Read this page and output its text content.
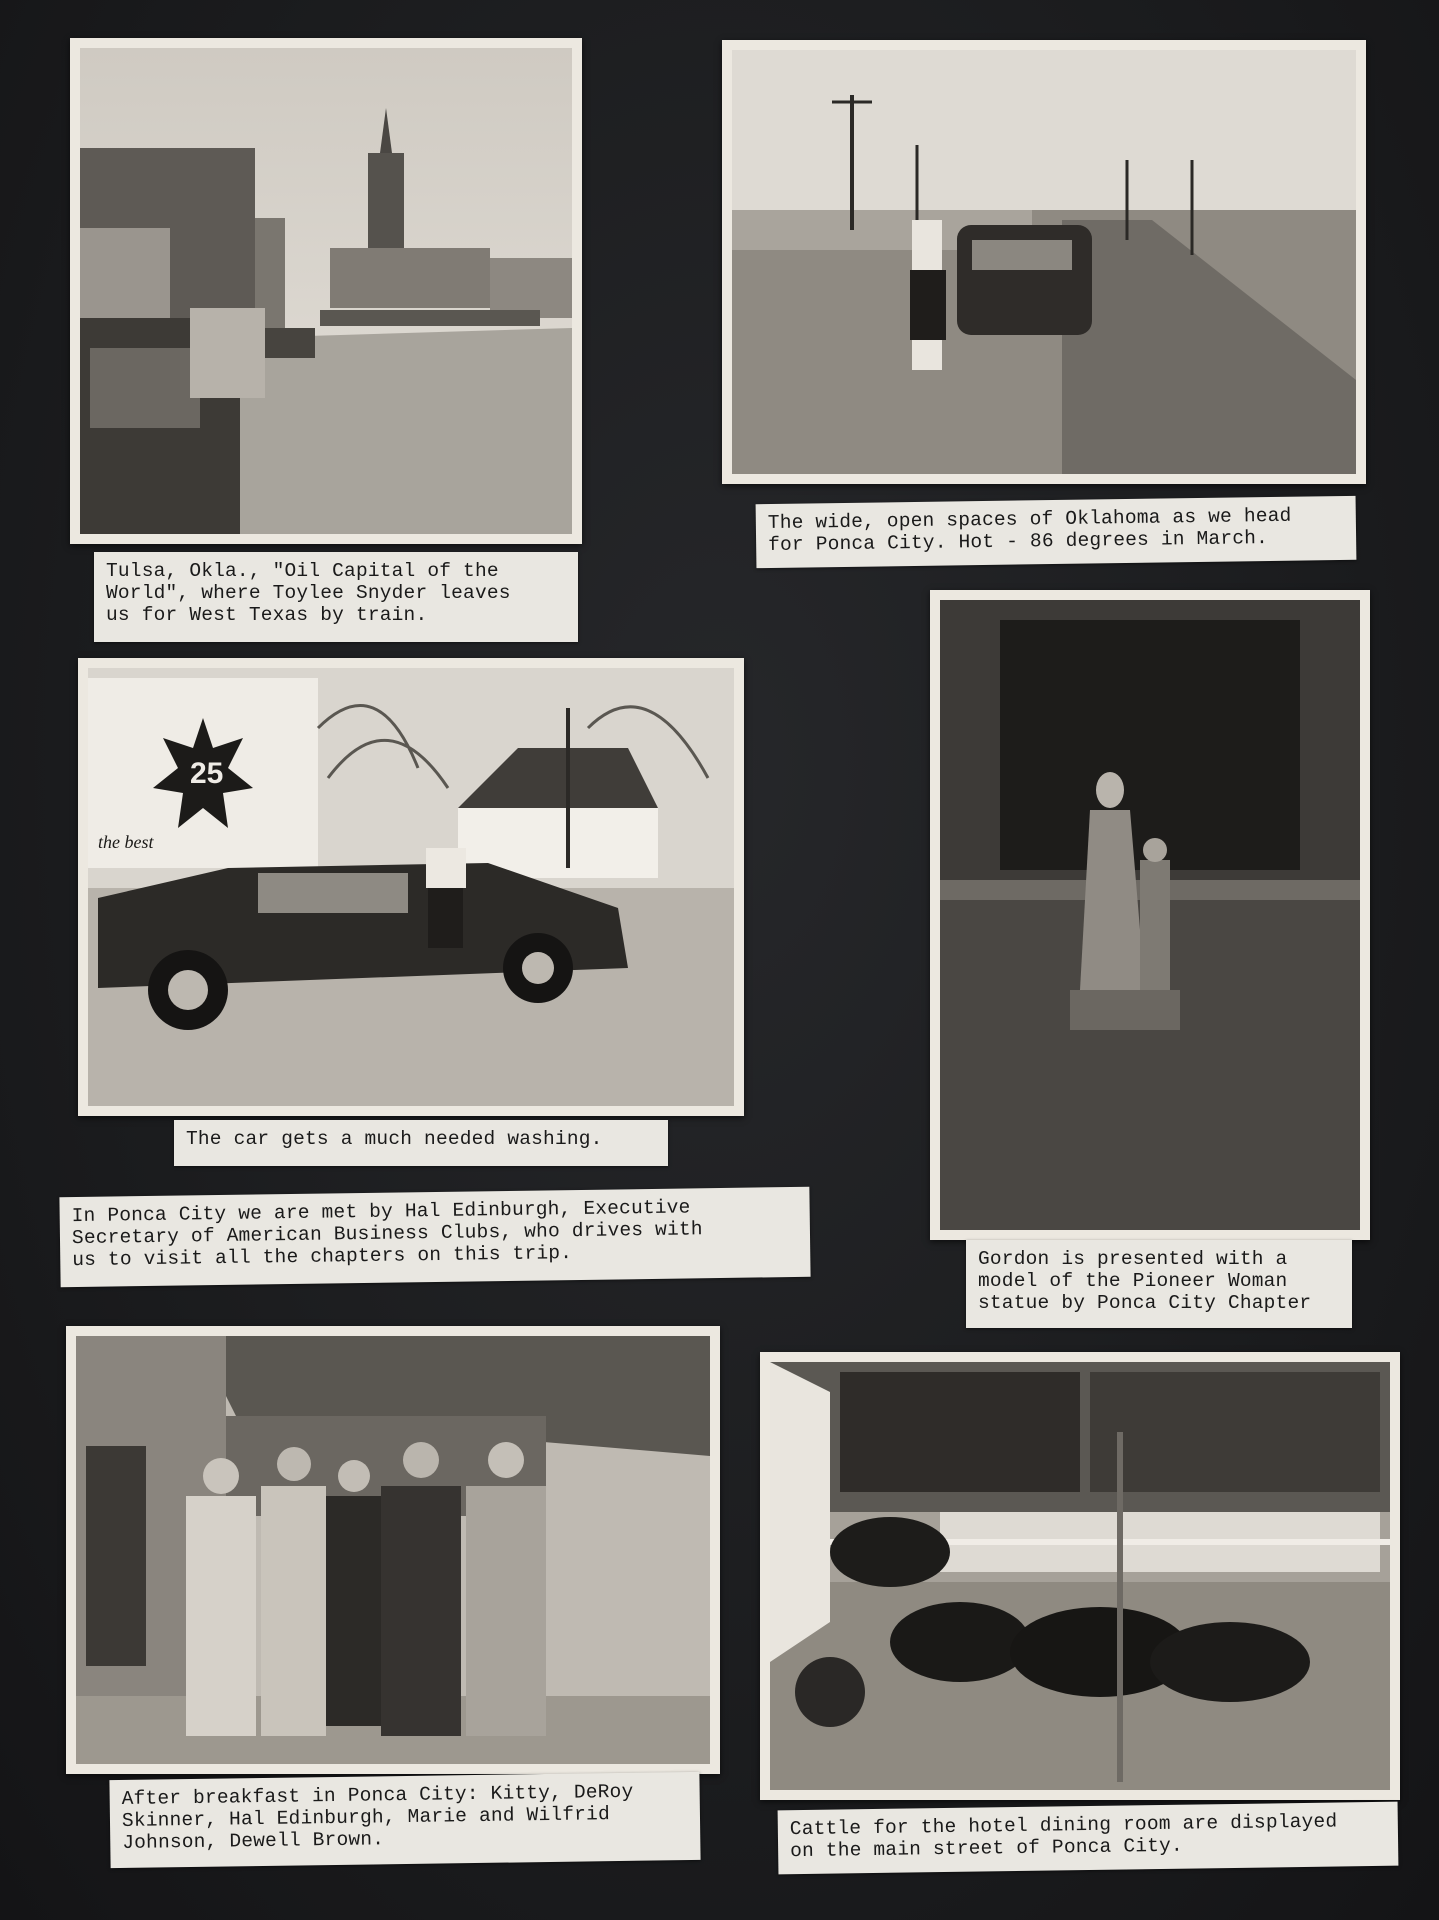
Tulsa, Okla., "Oil Capital of the
World", where Toylee Snyder leaves
us for West Texas by train.
The wide, open spaces of Oklahoma as we head
for Ponca City. Hot - 86 degrees in March.
25
the best
The car gets a much needed washing.
In Ponca City we are met by Hal Edinburgh, Executive
Secretary of American Business Clubs, who drives with
us to visit all the chapters on this trip.	Gordon is presented with a
model of the Pioneer Woman
statue by Ponca City Chapter
After breakfast in Ponca City: Kitty, DeRoy
Skinner, Hal Edinburgh, Marie and Wilfrid
Johnson, Dewell Brown.
Cattle for the hotel dining room are displayed
on the main street of Ponca City.
